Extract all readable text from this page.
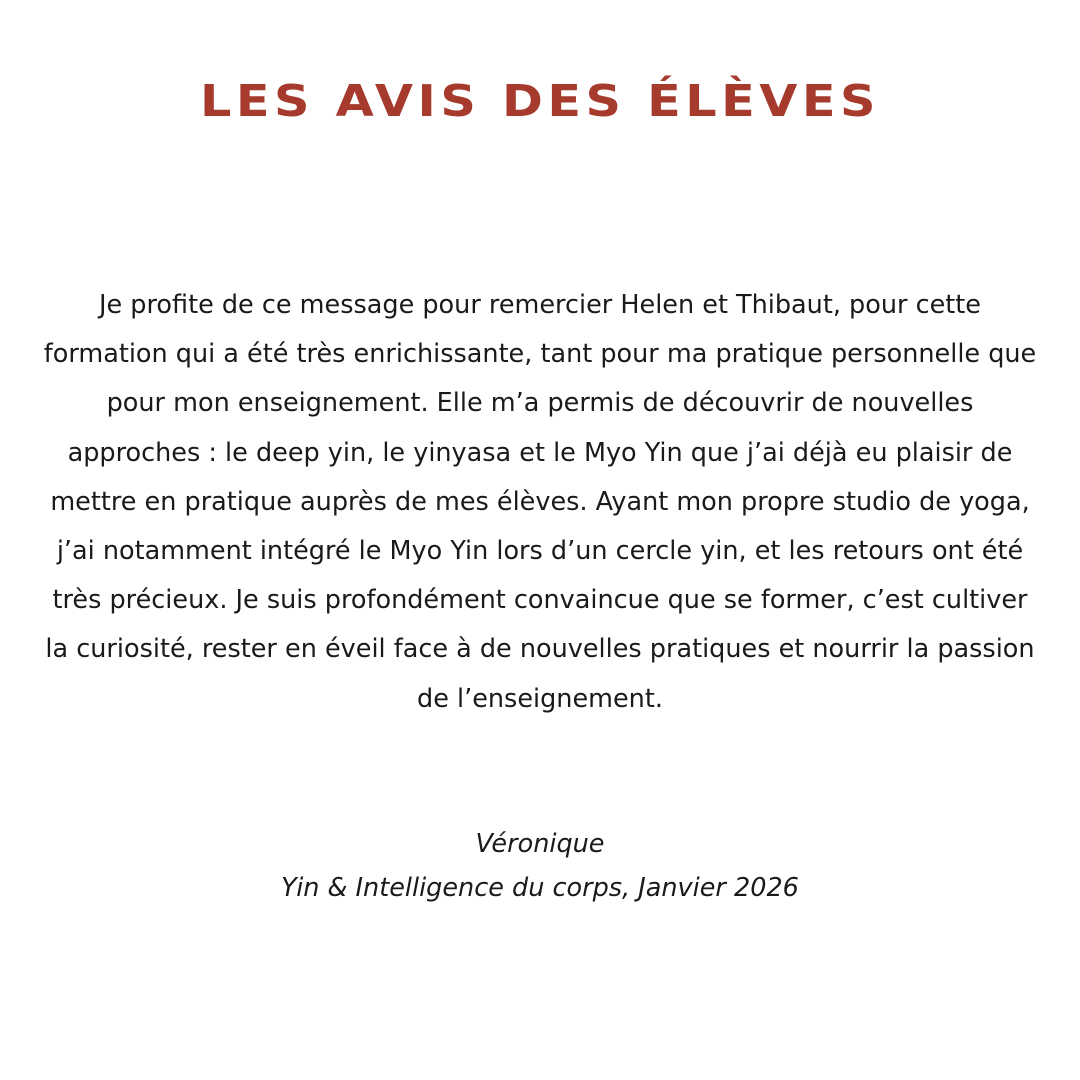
LES AVIS DES ÉLÈVES

Je profite de ce message pour remercier Helen et Thibaut, pour cette formation qui a été très enrichissante, tant pour ma pratique personnelle que pour mon enseignement. Elle m’a permis de découvrir de nouvelles approches : le deep yin, le yinyasa et le Myo Yin que j’ai déjà eu plaisir de mettre en pratique auprès de mes élèves. Ayant mon propre studio de yoga, j’ai notamment intégré le Myo Yin lors d’un cercle yin, et les retours ont été très précieux. Je suis profondément convaincue que se former, c’est cultiver la curiosité, rester en éveil face à de nouvelles pratiques et nourrir la passion de l’enseignement.

Véronique
Yin & Intelligence du corps, Janvier 2026
